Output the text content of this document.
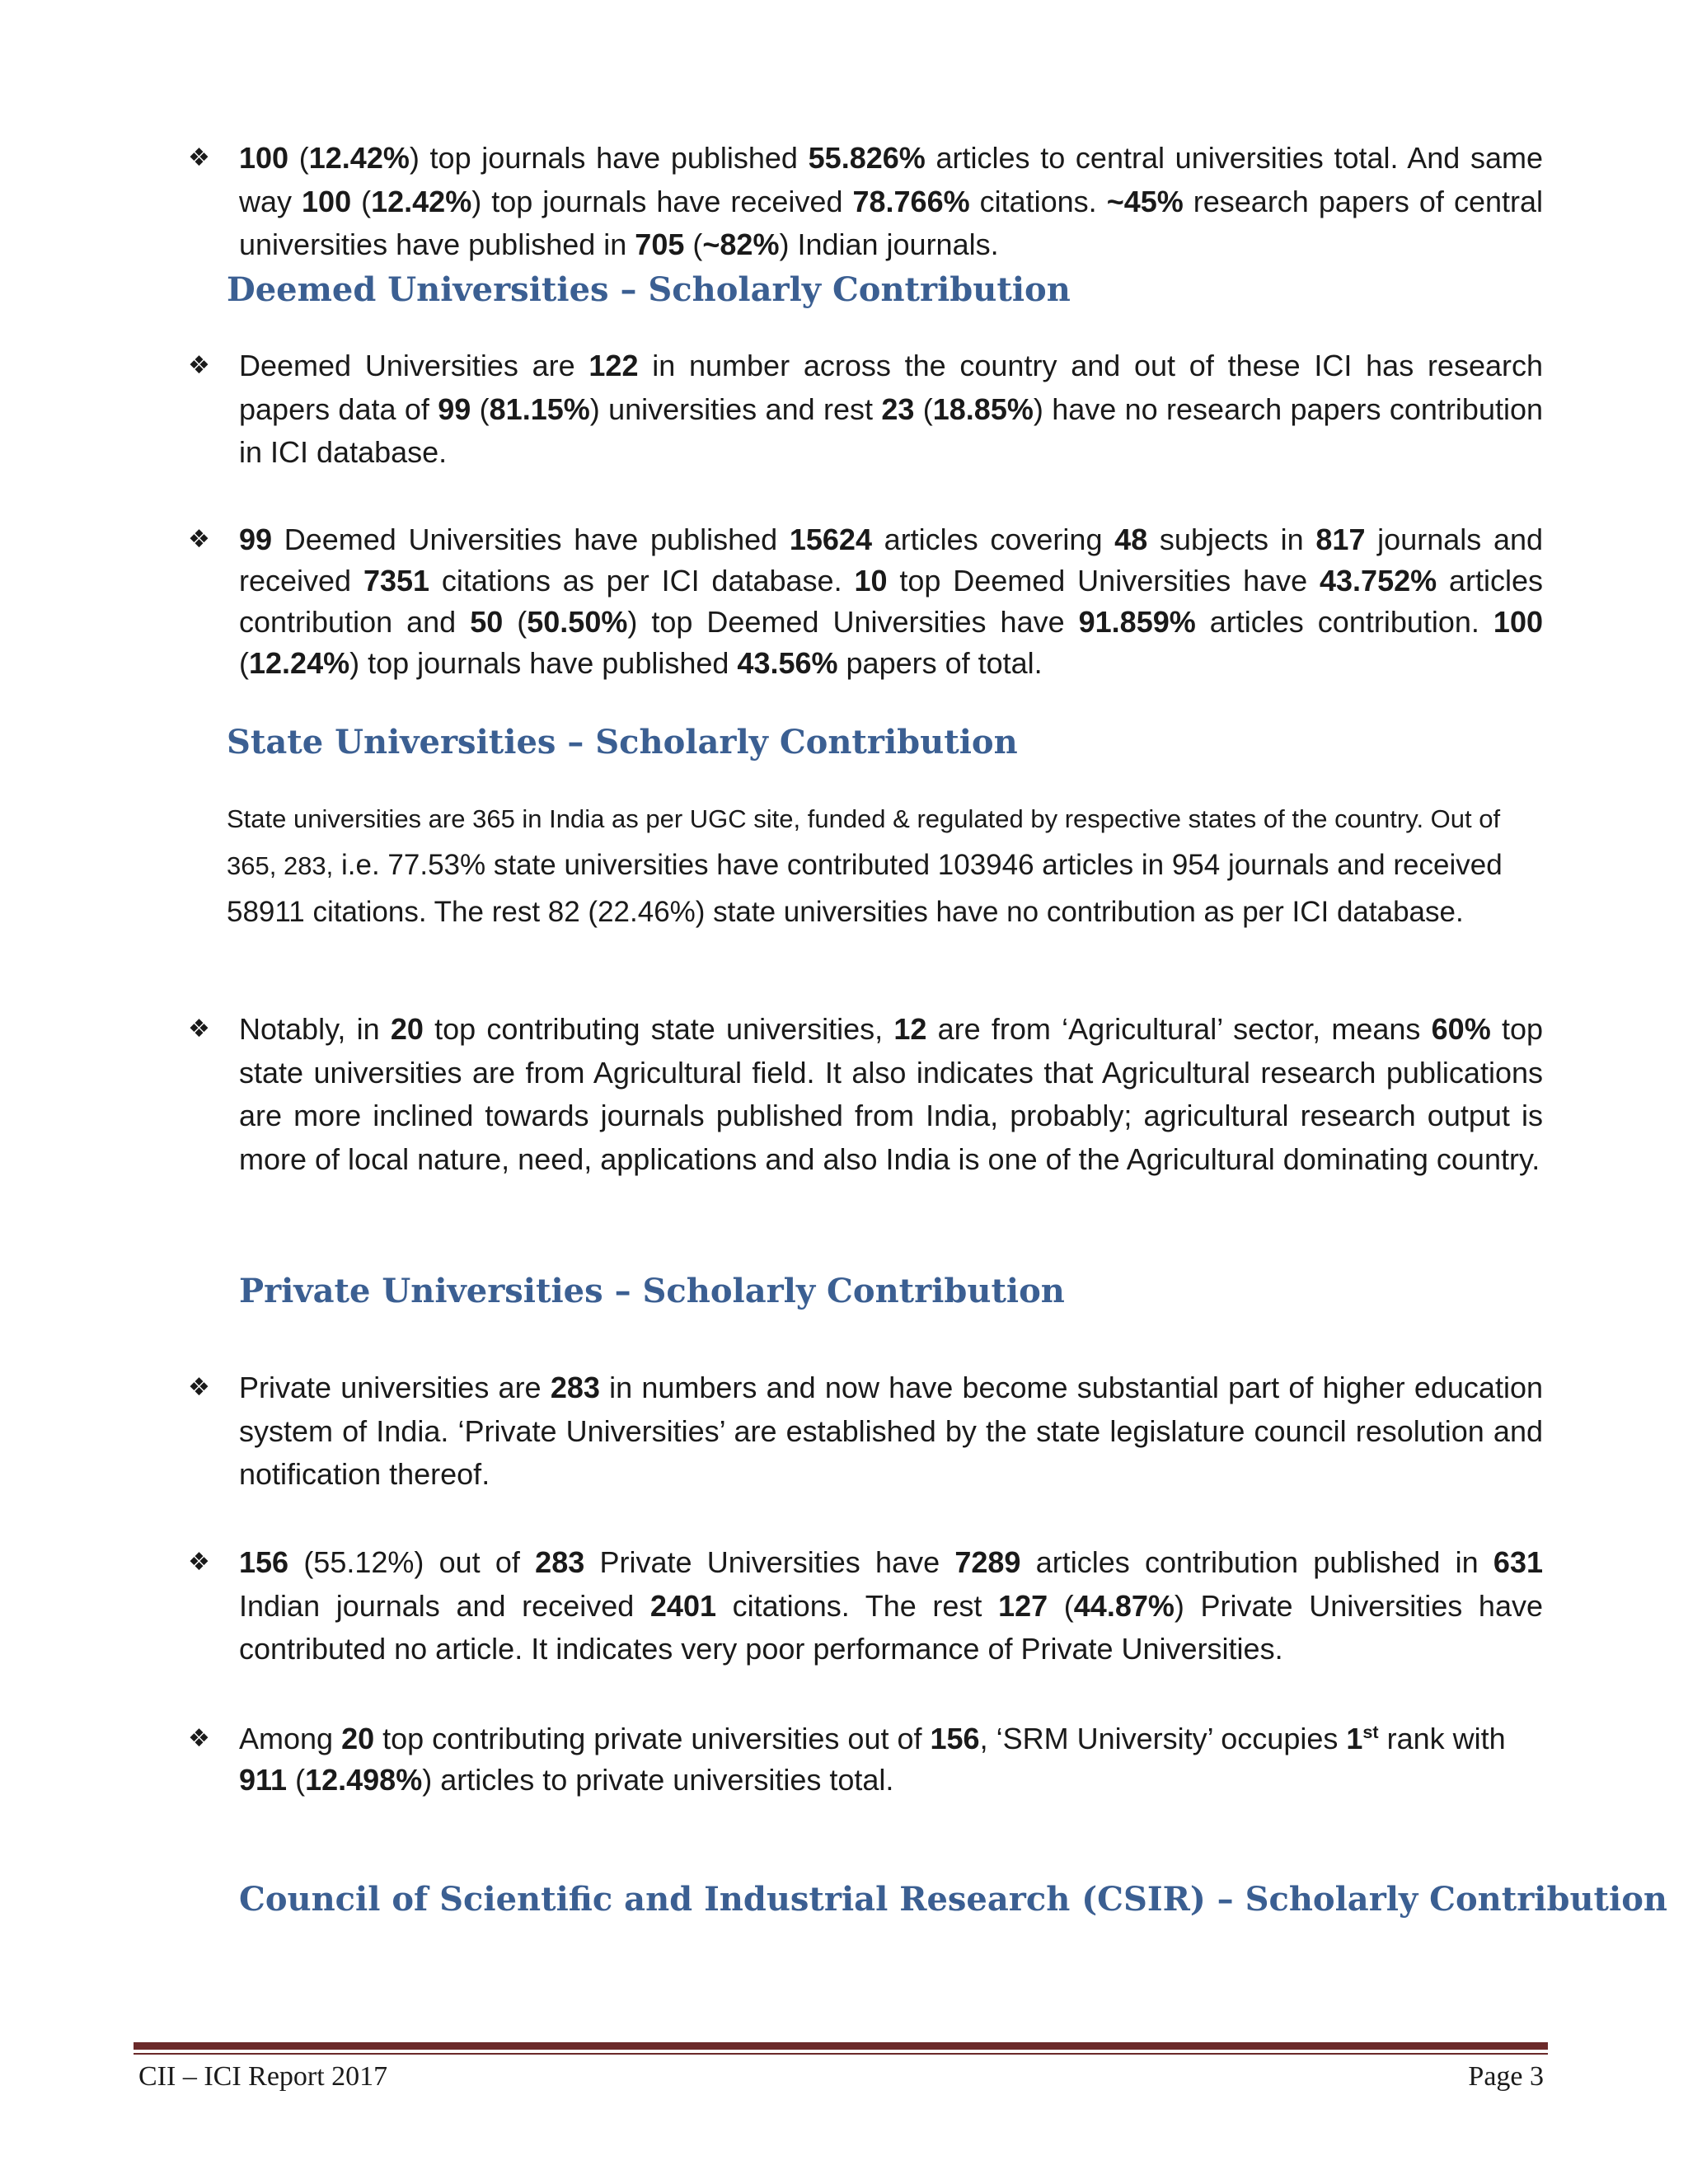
❖ 100 (12.42%) top journals have published 55.826% articles to central universities total. And same way 100 (12.42%) top journals have received 78.766% citations. ~45% research papers of central universities have published in 705 (~82%) Indian journals.
Deemed Universities – Scholarly Contribution
❖ Deemed Universities are 122 in number across the country and out of these ICI has research papers data of 99 (81.15%) universities and rest 23 (18.85%) have no research papers contribution in ICI database.
❖ 99 Deemed Universities have published 15624 articles covering 48 subjects in 817 journals and received 7351 citations as per ICI database. 10 top Deemed Universities have 43.752% articles contribution and 50 (50.50%) top Deemed Universities have 91.859% articles contribution. 100 (12.24%) top journals have published 43.56% papers of total.
State Universities – Scholarly Contribution
State universities are 365 in India as per UGC site, funded & regulated by respective states of the country. Out of 365, 283, i.e. 77.53% state universities have contributed 103946 articles in 954 journals and received 58911 citations. The rest 82 (22.46%) state universities have no contribution as per ICI database.
❖ Notably, in 20 top contributing state universities, 12 are from ‘Agricultural’ sector, means 60% top state universities are from Agricultural field. It also indicates that Agricultural research publications are more inclined towards journals published from India, probably; agricultural research output is more of local nature, need, applications and also India is one of the Agricultural dominating country.
Private Universities – Scholarly Contribution
❖ Private universities are 283 in numbers and now have become substantial part of higher education system of India. ‘Private Universities’ are established by the state legislature council resolution and notification thereof.
❖ 156 (55.12%) out of 283 Private Universities have 7289 articles contribution published in 631 Indian journals and received 2401 citations. The rest 127 (44.87%) Private Universities have contributed no article. It indicates very poor performance of Private Universities.
❖ Among 20 top contributing private universities out of 156, ‘SRM University’ occupies 1st rank with 911 (12.498%) articles to private universities total.
Council of Scientific and Industrial Research (CSIR) – Scholarly Contribution
CII – ICI Report 2017	Page 3
